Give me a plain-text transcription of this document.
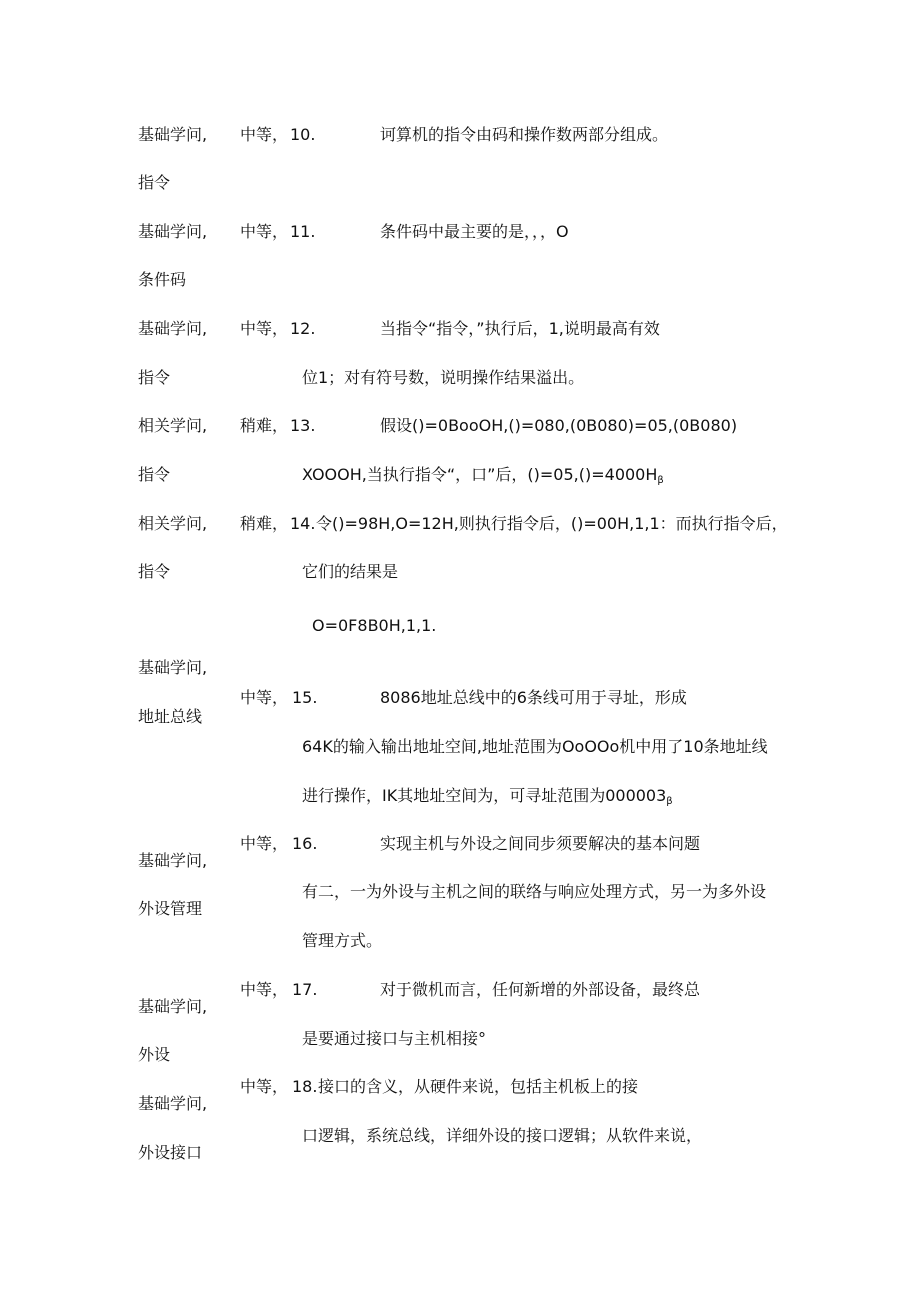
基础学问,
指令
中等， 10.	诃算机的指令由码和操作数两部分组成。
基础学问,
条件码
中等， 11.	条件码中最主要的是，，，O
基础学问,
指令
中等， 12.	当指令“指令，”执行后，1,说明最高有效
位1；对有符号数，说明操作结果溢出。
相关学问,
指令
稍难， 13.	假设()=0BooOH,()=080,(0B080)=05,(0B080)
XOOOH,当执行指令“，口”后，$()=05,()=4000H_\beta$
相关学问,
指令
稍难， 14. 令()=98H,O=12H,则执行指令后，()=00H,1,1：而执行指令后，
它们的结果是
O=0F8B0H,1,1.
基础学问,
地址总线
中等， 15.	8086地址总线中的6条线可用于寻址，形成
64K的输入输出地址空间,地址范围为OoOOo机中用了10条地址线
进行操作，IK其地址空间为，可寻址范围为$000003_\beta$
基础学问,
外设管理
中等， 16.	实现主机与外设之间同步须要解决的基本问题
有二，一为外设与主机之间的联络与响应处理方式，另一为多外设
管理方式。
基础学问,
外设
中等， 17.	对于微机而言，任何新增的外部设备，最终总
是要通过接口与主机相接°
基础学问,
外设接口
中等， 18. 接口的含义，从硬件来说，包括主机板上的接
口逻辑，系统总线，详细外设的接口逻辑；从软件来说，
